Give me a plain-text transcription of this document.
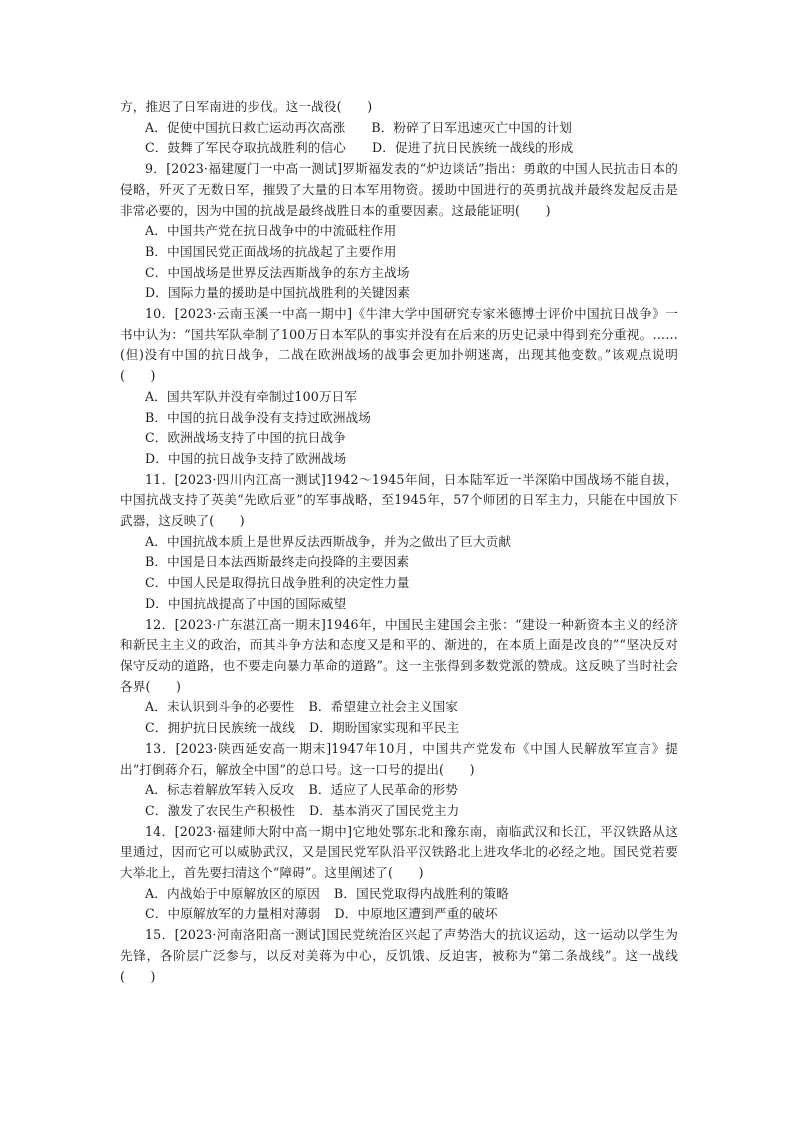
方，推迟了日军南进的步伐。这一战役(　　)

A．促使中国抗日救亡运动再次高涨 B．粉碎了日军迅速灭亡中国的计划
C．鼓舞了军民夺取抗战胜利的信心 D．促进了抗日民族统一战线的形成

9．[2023·福建厦门一中高一测试]罗斯福发表的“炉边谈话”指出：勇敢的中国人民抗击日本的侵略，歼灭了无数日军，摧毁了大量的日本军用物资。援助中国进行的英勇抗战并最终发起反击是非常必要的，因为中国的抗战是最终战胜日本的重要因素。这最能证明(　　)

A．中国共产党在抗日战争中的中流砥柱作用
B．中国国民党正面战场的抗战起了主要作用
C．中国战场是世界反法西斯战争的东方主战场
D．国际力量的援助是中国抗战胜利的关键因素

10．[2023·云南玉溪一中高一期中]《牛津大学中国研究专家米德博士评价中国抗日战争》一书中认为：“国共军队牵制了100万日本军队的事实并没有在后来的历史记录中得到充分重视。……(但)没有中国的抗日战争，二战在欧洲战场的战事会更加扑朔迷离，出现其他变数。”该观点说明(　　)

A．国共军队并没有牵制过100万日军
B．中国的抗日战争没有支持过欧洲战场
C．欧洲战场支持了中国的抗日战争
D．中国的抗日战争支持了欧洲战场

11．[2023·四川内江高一测试]1942～1945年间，日本陆军近一半深陷中国战场不能自拔，中国抗战支持了英美“先欧后亚”的军事战略，至1945年，57个师团的日军主力，只能在中国放下武器，这反映了(　　)

A．中国抗战本质上是世界反法西斯战争，并为之做出了巨大贡献
B．中国是日本法西斯最终走向投降的主要因素
C．中国人民是取得抗日战争胜利的决定性力量
D．中国抗战提高了中国的国际威望

12．[2023·广东湛江高一期末]1946年，中国民主建国会主张：“建设一种新资本主义的经济和新民主主义的政治，而其斗争方法和态度又是和平的、渐进的，在本质上面是改良的”“坚决反对保守反动的道路，也不要走向暴力革命的道路”。这一主张得到多数党派的赞成。这反映了当时社会各界(　　)

A．未认识到斗争的必要性 B．希望建立社会主义国家
C．拥护抗日民族统一战线 D．期盼国家实现和平民主

13．[2023·陕西延安高一期末]1947年10月，中国共产党发布《中国人民解放军宣言》提出“打倒蒋介石，解放全中国”的总口号。这一口号的提出(　　)

A．标志着解放军转入反攻 B．适应了人民革命的形势
C．激发了农民生产积极性 D．基本消灭了国民党主力

14．[2023·福建师大附中高一期中]它地处鄂东北和豫东南，南临武汉和长江，平汉铁路从这里通过，因而它可以威胁武汉，又是国民党军队沿平汉铁路北上进攻华北的必经之地。国民党若要大举北上，首先要扫清这个“障碍”。这里阐述了(　　)

A．内战始于中原解放区的原因 B．国民党取得内战胜利的策略
C．中原解放军的力量相对薄弱 D．中原地区遭到严重的破坏

15．[2023·河南洛阳高一测试]国民党统治区兴起了声势浩大的抗议运动，这一运动以学生为先锋，各阶层广泛参与，以反对美蒋为中心，反饥饿、反迫害，被称为“第二条战线”。这一战线(　　)
